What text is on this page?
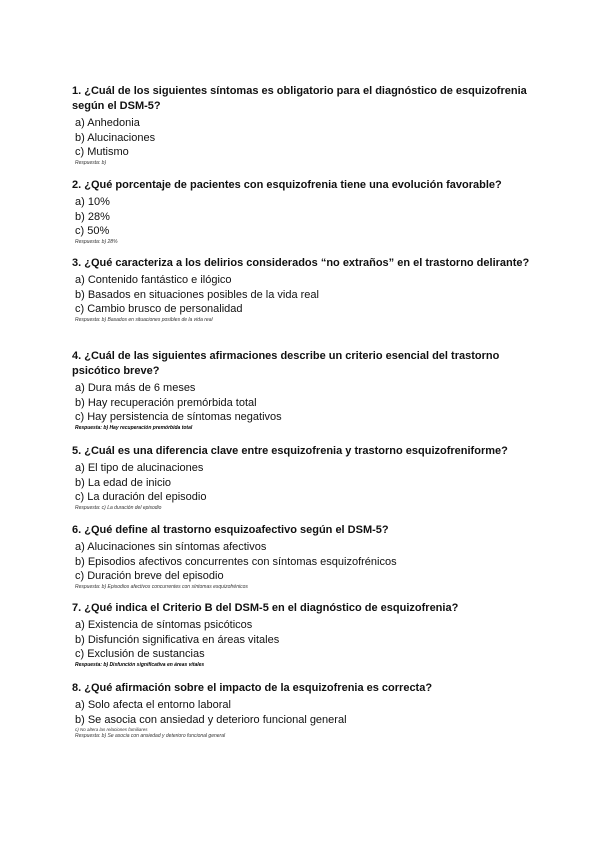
1. ¿Cuál de los siguientes síntomas es obligatorio para el diagnóstico de esquizofrenia según el DSM-5?

a) Anhedonia

b) Alucinaciones

c) Mutismo

Respuesta: b)

2. ¿Qué porcentaje de pacientes con esquizofrenia tiene una evolución favorable?

a) 10%

b) 28%

c) 50%

Respuesta: b) 28%

3. ¿Qué caracteriza a los delirios considerados “no extraños” en el trastorno delirante?

a) Contenido fantástico e ilógico

b) Basados en situaciones posibles de la vida real

c) Cambio brusco de personalidad

Respuesta: b) Basados en situaciones posibles de la vida real

4. ¿Cuál de las siguientes afirmaciones describe un criterio esencial del trastorno psicótico breve?

a) Dura más de 6 meses

b) Hay recuperación premórbida total

c) Hay persistencia de síntomas negativos

Respuesta: b) Hay recuperación premórbida total

5. ¿Cuál es una diferencia clave entre esquizofrenia y trastorno esquizofreniforme?

a) El tipo de alucinaciones

b) La edad de inicio

c) La duración del episodio

Respuesta: c) La duración del episodio

6. ¿Qué define al trastorno esquizoafectivo según el DSM-5?

a) Alucinaciones sin síntomas afectivos

b) Episodios afectivos concurrentes con síntomas esquizofrénicos

c) Duración breve del episodio

Respuesta: b) Episodios afectivos concurrentes con síntomas esquizofrénicos

7. ¿Qué indica el Criterio B del DSM-5 en el diagnóstico de esquizofrenia?

a) Existencia de síntomas psicóticos

b) Disfunción significativa en áreas vitales

c) Exclusión de sustancias

Respuesta: b) Disfunción significativa en áreas vitales

8. ¿Qué afirmación sobre el impacto de la esquizofrenia es correcta?

a) Solo afecta el entorno laboral

b) Se asocia con ansiedad y deterioro funcional general

c) No altera las relaciones familiares

Respuesta: b) Se asocia con ansiedad y deterioro funcional general
